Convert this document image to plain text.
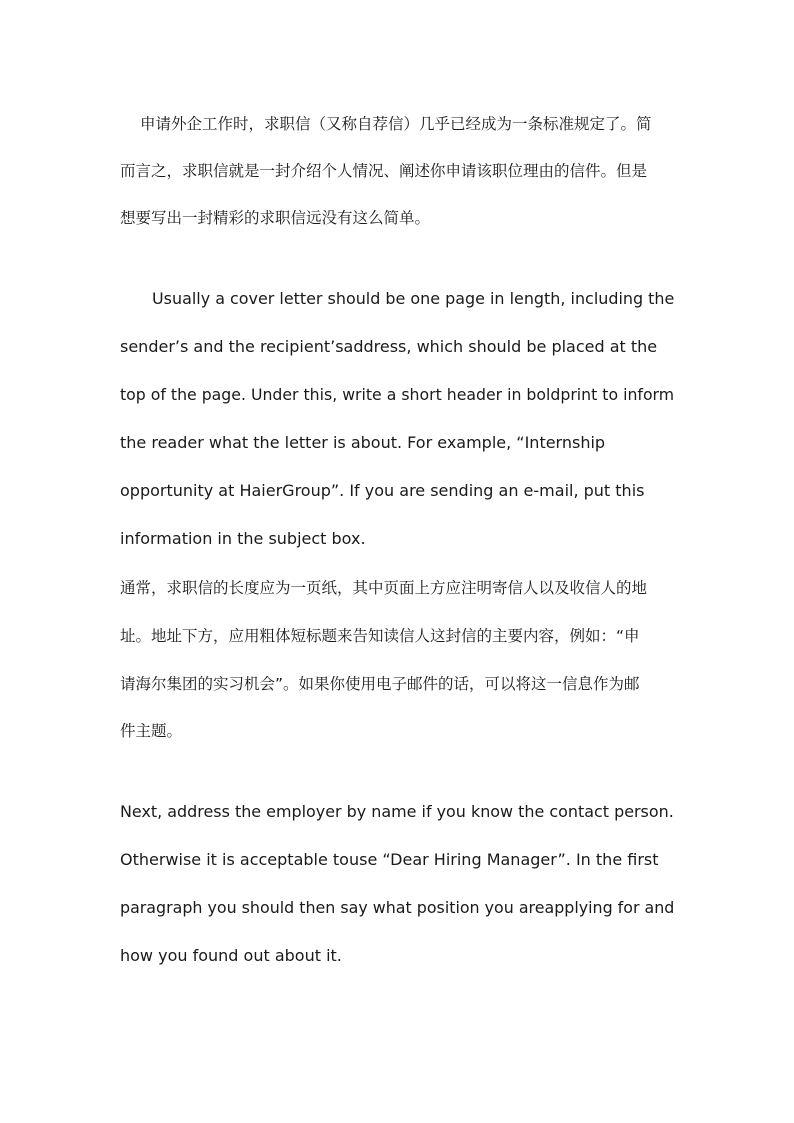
申请外企工作时，求职信（又称自荐信）几乎已经成为一条标准规定了。简
而言之，求职信就是一封介绍个人情况、阐述你申请该职位理由的信件。但是
想要写出一封精彩的求职信远没有这么简单。
Usually a cover letter should be one page in length, including the
sender’s and the recipient’saddress, which should be placed at the
top of the page. Under this, write a short header in boldprint to inform
the reader what the letter is about. For example, “Internship
opportunity at HaierGroup”. If you are sending an e-mail, put this
information in the subject box.
通常，求职信的长度应为一页纸，其中页面上方应注明寄信人以及收信人的地
址。地址下方，应用粗体短标题来告知读信人这封信的主要内容，例如：“申
请海尔集团的实习机会”。如果你使用电子邮件的话，可以将这一信息作为邮
件主题。
Next, address the employer by name if you know the contact person.
Otherwise it is acceptable touse “Dear Hiring Manager”. In the first
paragraph you should then say what position you areapplying for and
how you found out about it.
